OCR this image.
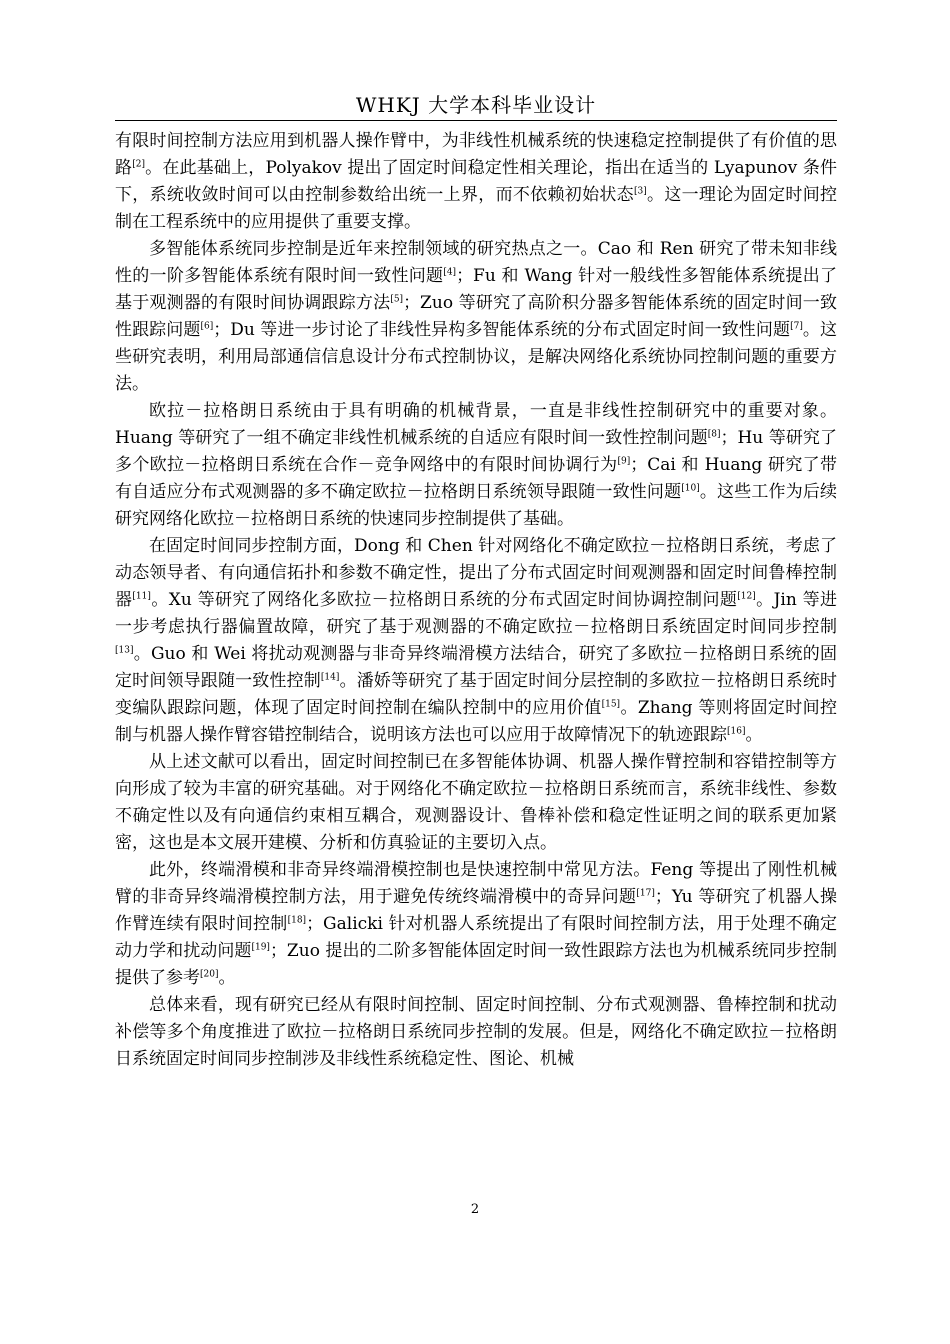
WHKJ 大学本科毕业设计

有限时间控制方法应用到机器人操作臂中，为非线性机械系统的快速稳定控制提供了有价值的思路[2]。在此基础上，Polyakov 提出了固定时间稳定性相关理论，指出在适当的 Lyapunov 条件下，系统收敛时间可以由控制参数给出统一上界，而不依赖初始状态[3]。这一理论为固定时间控制在工程系统中的应用提供了重要支撑。

多智能体系统同步控制是近年来控制领域的研究热点之一。Cao 和 Ren 研究了带未知非线性的一阶多智能体系统有限时间一致性问题[4]；Fu 和 Wang 针对一般线性多智能体系统提出了基于观测器的有限时间协调跟踪方法[5]；Zuo 等研究了高阶积分器多智能体系统的固定时间一致性跟踪问题[6]；Du 等进一步讨论了非线性异构多智能体系统的分布式固定时间一致性问题[7]。这些研究表明，利用局部通信信息设计分布式控制协议，是解决网络化系统协同控制问题的重要方法。

欧拉－拉格朗日系统由于具有明确的机械背景，一直是非线性控制研究中的重要对象。Huang 等研究了一组不确定非线性机械系统的自适应有限时间一致性控制问题[8]；Hu 等研究了多个欧拉－拉格朗日系统在合作－竞争网络中的有限时间协调行为[9]；Cai 和 Huang 研究了带有自适应分布式观测器的多不确定欧拉－拉格朗日系统领导跟随一致性问题[10]。这些工作为后续研究网络化欧拉－拉格朗日系统的快速同步控制提供了基础。

在固定时间同步控制方面，Dong 和 Chen 针对网络化不确定欧拉－拉格朗日系统，考虑了动态领导者、有向通信拓扑和参数不确定性，提出了分布式固定时间观测器和固定时间鲁棒控制器[11]。Xu 等研究了网络化多欧拉－拉格朗日系统的分布式固定时间协调控制问题[12]。Jin 等进一步考虑执行器偏置故障，研究了基于观测器的不确定欧拉－拉格朗日系统固定时间同步控制[13]。Guo 和 Wei 将扰动观测器与非奇异终端滑模方法结合，研究了多欧拉－拉格朗日系统的固定时间领导跟随一致性控制[14]。潘娇等研究了基于固定时间分层控制的多欧拉－拉格朗日系统时变编队跟踪问题，体现了固定时间控制在编队控制中的应用价值[15]。Zhang 等则将固定时间控制与机器人操作臂容错控制结合，说明该方法也可以应用于故障情况下的轨迹跟踪[16]。

从上述文献可以看出，固定时间控制已在多智能体协调、机器人操作臂控制和容错控制等方向形成了较为丰富的研究基础。对于网络化不确定欧拉－拉格朗日系统而言，系统非线性、参数不确定性以及有向通信约束相互耦合，观测器设计、鲁棒补偿和稳定性证明之间的联系更加紧密，这也是本文展开建模、分析和仿真验证的主要切入点。

此外，终端滑模和非奇异终端滑模控制也是快速控制中常见方法。Feng 等提出了刚性机械臂的非奇异终端滑模控制方法，用于避免传统终端滑模中的奇异问题[17]；Yu 等研究了机器人操作臂连续有限时间控制[18]；Galicki 针对机器人系统提出了有限时间控制方法，用于处理不确定动力学和扰动问题[19]；Zuo 提出的二阶多智能体固定时间一致性跟踪方法也为机械系统同步控制提供了参考[20]。

总体来看，现有研究已经从有限时间控制、固定时间控制、分布式观测器、鲁棒控制和扰动补偿等多个角度推进了欧拉－拉格朗日系统同步控制的发展。但是，网络化不确定欧拉－拉格朗日系统固定时间同步控制涉及非线性系统稳定性、图论、机械

2
